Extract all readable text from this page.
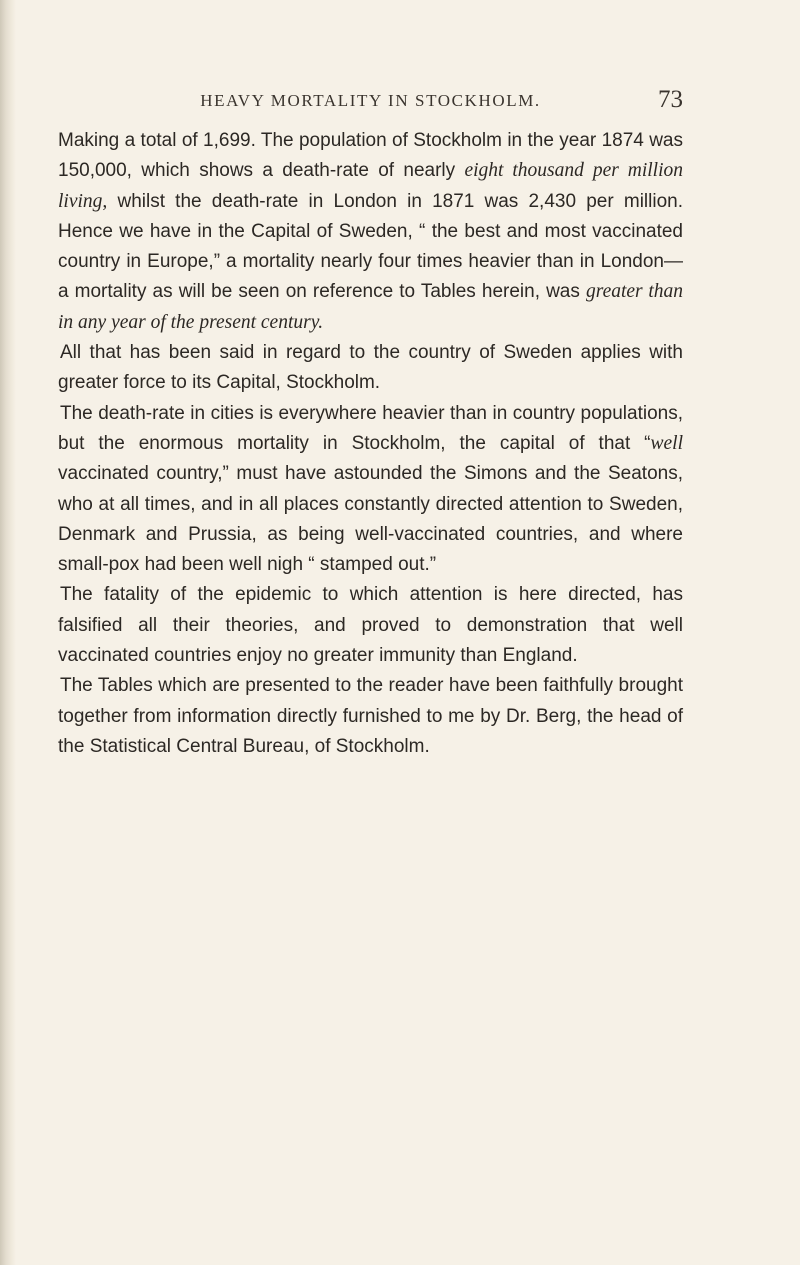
HEAVY MORTALITY IN STOCKHOLM.	73

Making a total of 1,699. The population of Stockholm in the year 1874 was 150,000, which shows a death-rate of nearly eight thousand per million living, whilst the death-rate in London in 1871 was 2,430 per million. Hence we have in the Capital of Sweden, “ the best and most vaccinated country in Europe,” a mortality nearly four times heavier than in London—a mortality as will be seen on reference to Tables herein, was greater than in any year of the present century.

All that has been said in regard to the country of Sweden applies with greater force to its Capital, Stockholm.

The death-rate in cities is everywhere heavier than in country populations, but the enormous mortality in Stockholm, the capital of that “well vaccinated country,” must have astounded the Simons and the Seatons, who at all times, and in all places constantly directed attention to Sweden, Denmark and Prussia, as being well-vaccinated countries, and where small-pox had been well nigh “ stamped out.”

The fatality of the epidemic to which attention is here directed, has falsified all their theories, and proved to demonstration that well vaccinated countries enjoy no greater immunity than England.

The Tables which are presented to the reader have been faithfully brought together from information directly furnished to me by Dr. Berg, the head of the Statistical Central Bureau, of Stockholm.
